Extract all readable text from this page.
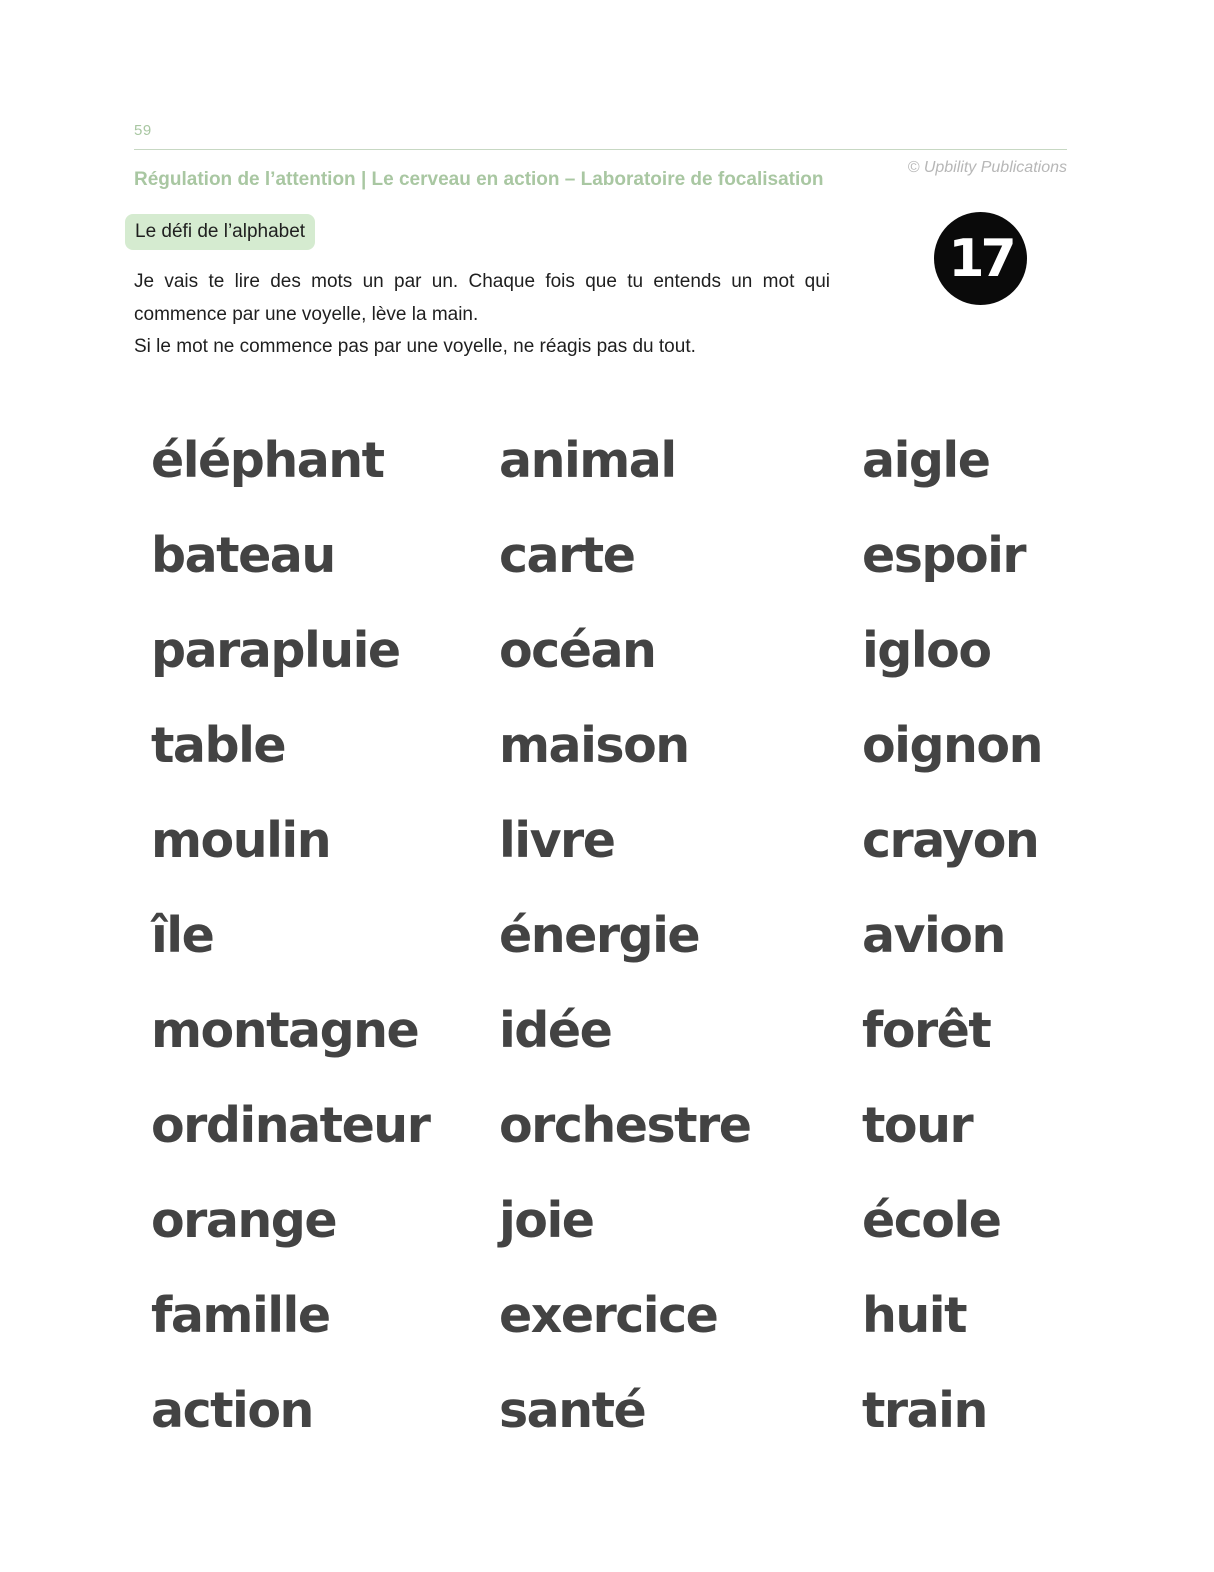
59
© Upbility Publications
Régulation de l’attention | Le cerveau en action – Laboratoire de focalisation
Le défi de l’alphabet	17

Je vais te lire des mots un par un. Chaque fois que tu entends un mot qui commence par une voyelle, lève la main.

Si le mot ne commence pas par une voyelle, ne réagis pas du tout.

éléphant
bateau
parapluie
table
moulin
île
montagne
ordinateur
orange
famille
action
animal
carte
océan
maison
livre
énergie
idée
orchestre
joie
exercice
santé
aigle
espoir
igloo
oignon
crayon
avion
forêt
tour
école
huit
train
